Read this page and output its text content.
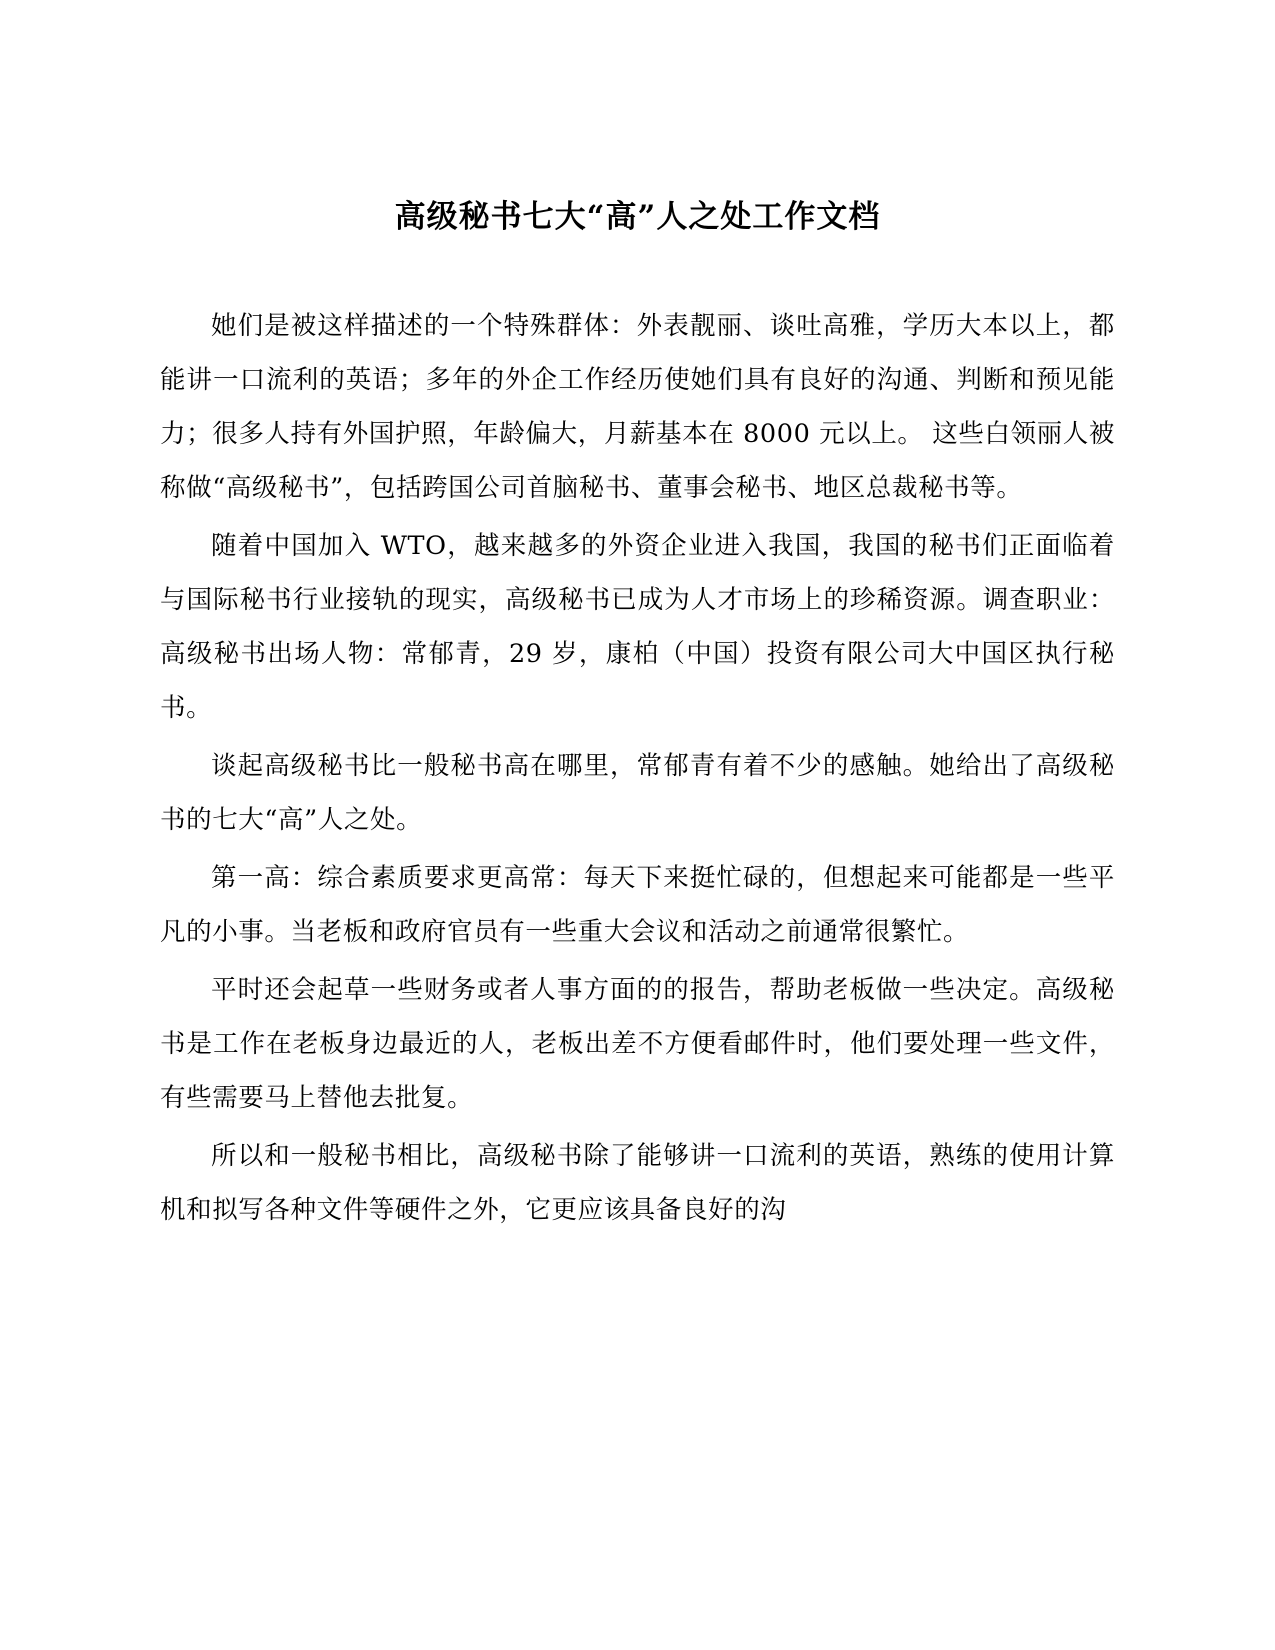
高级秘书七大“高”人之处工作文档

她们是被这样描述的一个特殊群体：外表靓丽、谈吐高雅，学历大本以上，都能讲一口流利的英语；多年的外企工作经历使她们具有良好的沟通、判断和预见能力；很多人持有外国护照，年龄偏大，月薪基本在 8000 元以上。 这些白领丽人被称做“高级秘书”，包括跨国公司首脑秘书、董事会秘书、地区总裁秘书等。

随着中国加入 WTO，越来越多的外资企业进入我国，我国的秘书们正面临着与国际秘书行业接轨的现实，高级秘书已成为人才市场上的珍稀资源。调查职业：高级秘书出场人物：常郁青，29 岁，康柏（中国）投资有限公司大中国区执行秘书。

谈起高级秘书比一般秘书高在哪里，常郁青有着不少的感触。她给出了高级秘书的七大“高”人之处。

第一高：综合素质要求更高常：每天下来挺忙碌的，但想起来可能都是一些平凡的小事。当老板和政府官员有一些重大会议和活动之前通常很繁忙。

平时还会起草一些财务或者人事方面的的报告，帮助老板做一些决定。高级秘书是工作在老板身边最近的人，老板出差不方便看邮件时，他们要处理一些文件，有些需要马上替他去批复。

所以和一般秘书相比，高级秘书除了能够讲一口流利的英语，熟练的使用计算机和拟写各种文件等硬件之外，它更应该具备良好的沟
